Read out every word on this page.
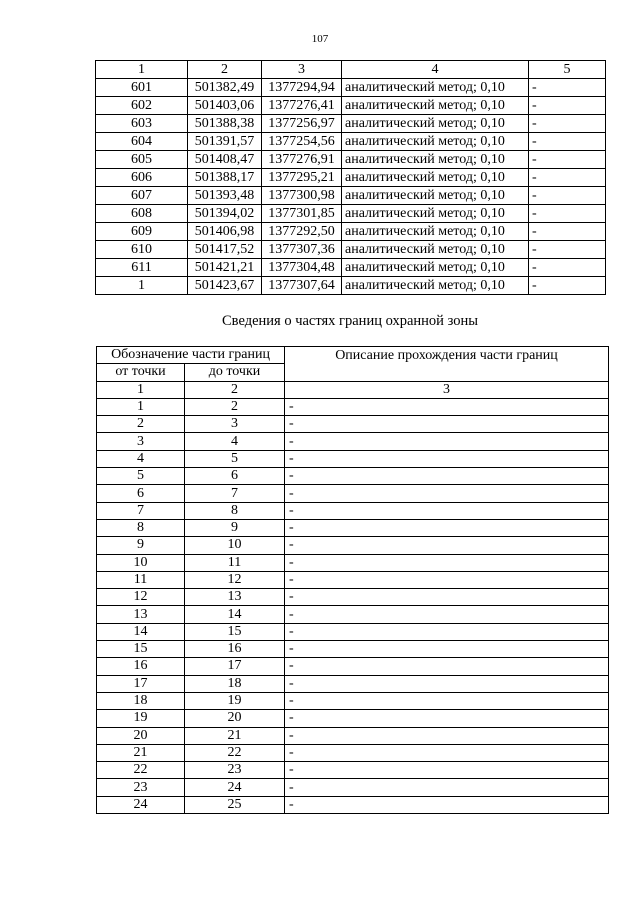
107
1	2	3	4	5
601	501382,49	1377294,94	аналитический метод; 0,10	-
602	501403,06	1377276,41	аналитический метод; 0,10	-
603	501388,38	1377256,97	аналитический метод; 0,10	-
604	501391,57	1377254,56	аналитический метод; 0,10	-
605	501408,47	1377276,91	аналитический метод; 0,10	-
606	501388,17	1377295,21	аналитический метод; 0,10	-
607	501393,48	1377300,98	аналитический метод; 0,10	-
608	501394,02	1377301,85	аналитический метод; 0,10	-
609	501406,98	1377292,50	аналитический метод; 0,10	-
610	501417,52	1377307,36	аналитический метод; 0,10	-
611	501421,21	1377304,48	аналитический метод; 0,10	-
1	501423,67	1377307,64	аналитический метод; 0,10	-
Сведения о частях границ охранной зоны
Обозначение части границ		Описание прохождения части границ
от точки	до точки	
1	2	3
1	2	-
2	3	-
3	4	-
4	5	-
5	6	-
6	7	-
7	8	-
8	9	-
9	10	-
10	11	-
11	12	-
12	13	-
13	14	-
14	15	-
15	16	-
16	17	-
17	18	-
18	19	-
19	20	-
20	21	-
21	22	-
22	23	-
23	24	-
24	25	-
